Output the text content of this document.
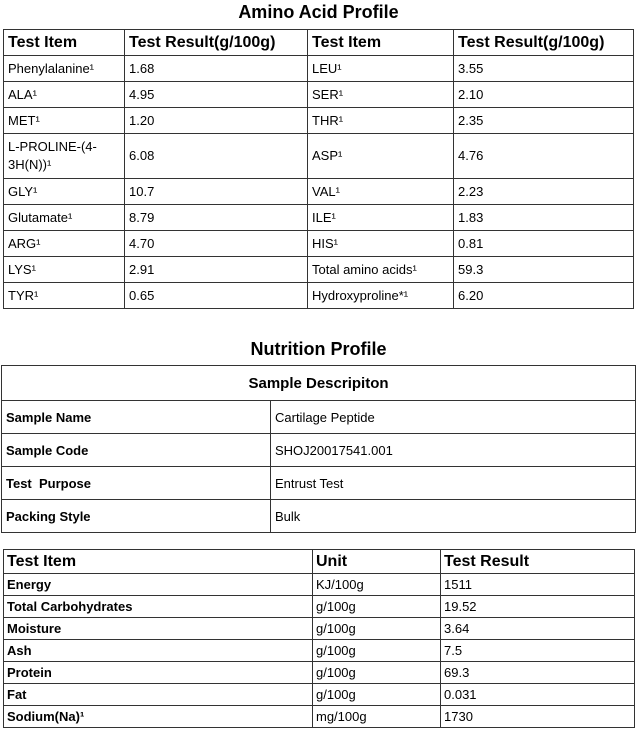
Amino Acid Profile
Test Item	Test Result(g/100g)	Test Item	Test Result(g/100g)
Phenylalanine¹	1.68	LEU¹	3.55
ALA¹	4.95	SER¹	2.10
MET¹	1.20	THR¹	2.35
L-PROLINE-(4-3H(N))¹	6.08	ASP¹	4.76
GLY¹	10.7	VAL¹	2.23
Glutamate¹	8.79	ILE¹	1.83
ARG¹	4.70	HIS¹	0.81
LYS¹	2.91	Total amino acids¹	59.3
TYR¹	0.65	Hydroxyproline*¹	6.20
Nutrition Profile
Sample Descripiton	
Sample Name	Cartilage Peptide
Sample Code	SHOJ20017541.001
Test  Purpose	Entrust Test
Packing Style	Bulk
Test Item	Unit	Test Result
Energy	KJ/100g	1511
Total Carbohydrates	g/100g	19.52
Moisture	g/100g	3.64
Ash	g/100g	7.5
Protein	g/100g	69.3
Fat	g/100g	0.031
Sodium(Na)¹	mg/100g	1730
